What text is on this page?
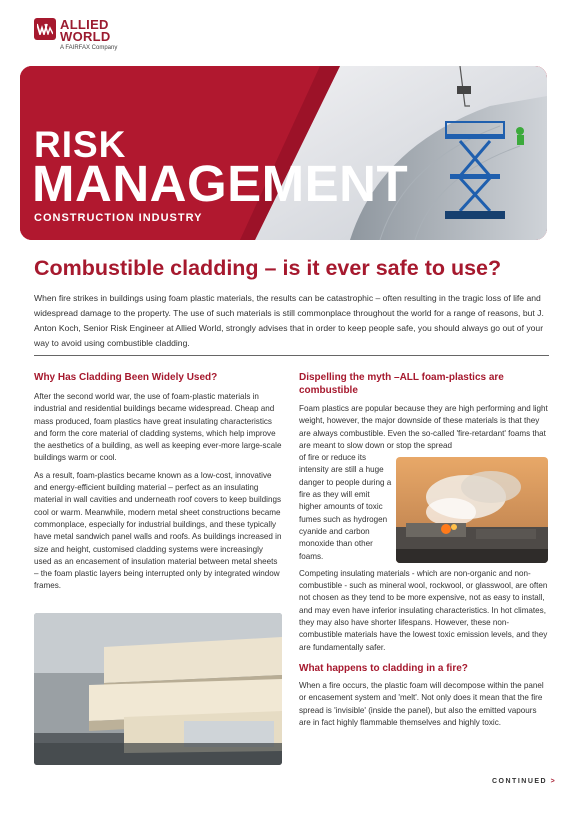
ALLIED
WORLD
A FAIRFAX Company
RISK
MANAGEMENT
CONSTRUCTION INDUSTRY
Combustible cladding – is it ever safe to use?
When fire strikes in buildings using foam plastic materials, the results can be catastrophic – often resulting in the tragic loss of life and widespread damage to the property. The use of such materials is still commonplace throughout the world for a range of reasons, but J. Anton Koch, Senior Risk Engineer at Allied World, strongly advises that in order to keep people safe, you should always go out of your way to avoid using combustible cladding.
Why Has Cladding Been Widely Used?

After the second world war, the use of foam-plastic materials in industrial and residential buildings became widespread. Cheap and mass produced, foam plastics have great insulating characteristics and form the core material of cladding systems, which help improve the aesthetics of a building, as well as keeping ever-more large-scale buildings warm or cool.

As a result, foam-plastics became known as a low-cost, innovative and energy-efficient building material – perfect as an insulating material in wall cavities and underneath roof covers to keep buildings cool or warm. Meanwhile, modern metal sheet constructions became commonplace, especially for industrial buildings, and these typically have metal sandwich panel walls and roofs. As buildings increased in size and height, customised cladding systems were increasingly used as an encasement of insulation material between metal sheets – the foam plastic layers being interrupted only by integrated window frames.

Dispelling the myth –ALL foam-plastics are combustible

Foam plastics are popular because they are high performing and light weight, however, the major downside of these materials is that they are always combustible. Even the so-called 'fire-retardant' foams that are meant to slow down or stop the spread

of fire or reduce its intensity are still a huge danger to people during a fire as they will emit higher amounts of toxic fumes such as hydrogen cyanide and carbon monoxide than other foams.

Competing insulating materials - which are non-organic and non-combustible - such as mineral wool, rockwool, or glasswool, are often not chosen as they tend to be more expensive, not as easy to install, and may even have inferior insulating characteristics. In hot climates, they may also have shorter lifespans. However, these non-combustible materials have the lowest toxic emission levels, and they are fundamentally safer.

What happens to cladding in a fire?

When a fire occurs, the plastic foam will decompose within the panel or encasement system and 'melt'. Not only does it mean that the fire spread is 'invisible' (inside the panel), but also the emitted vapours are in fact highly flammable themselves and highly toxic.

CONTINUED >
